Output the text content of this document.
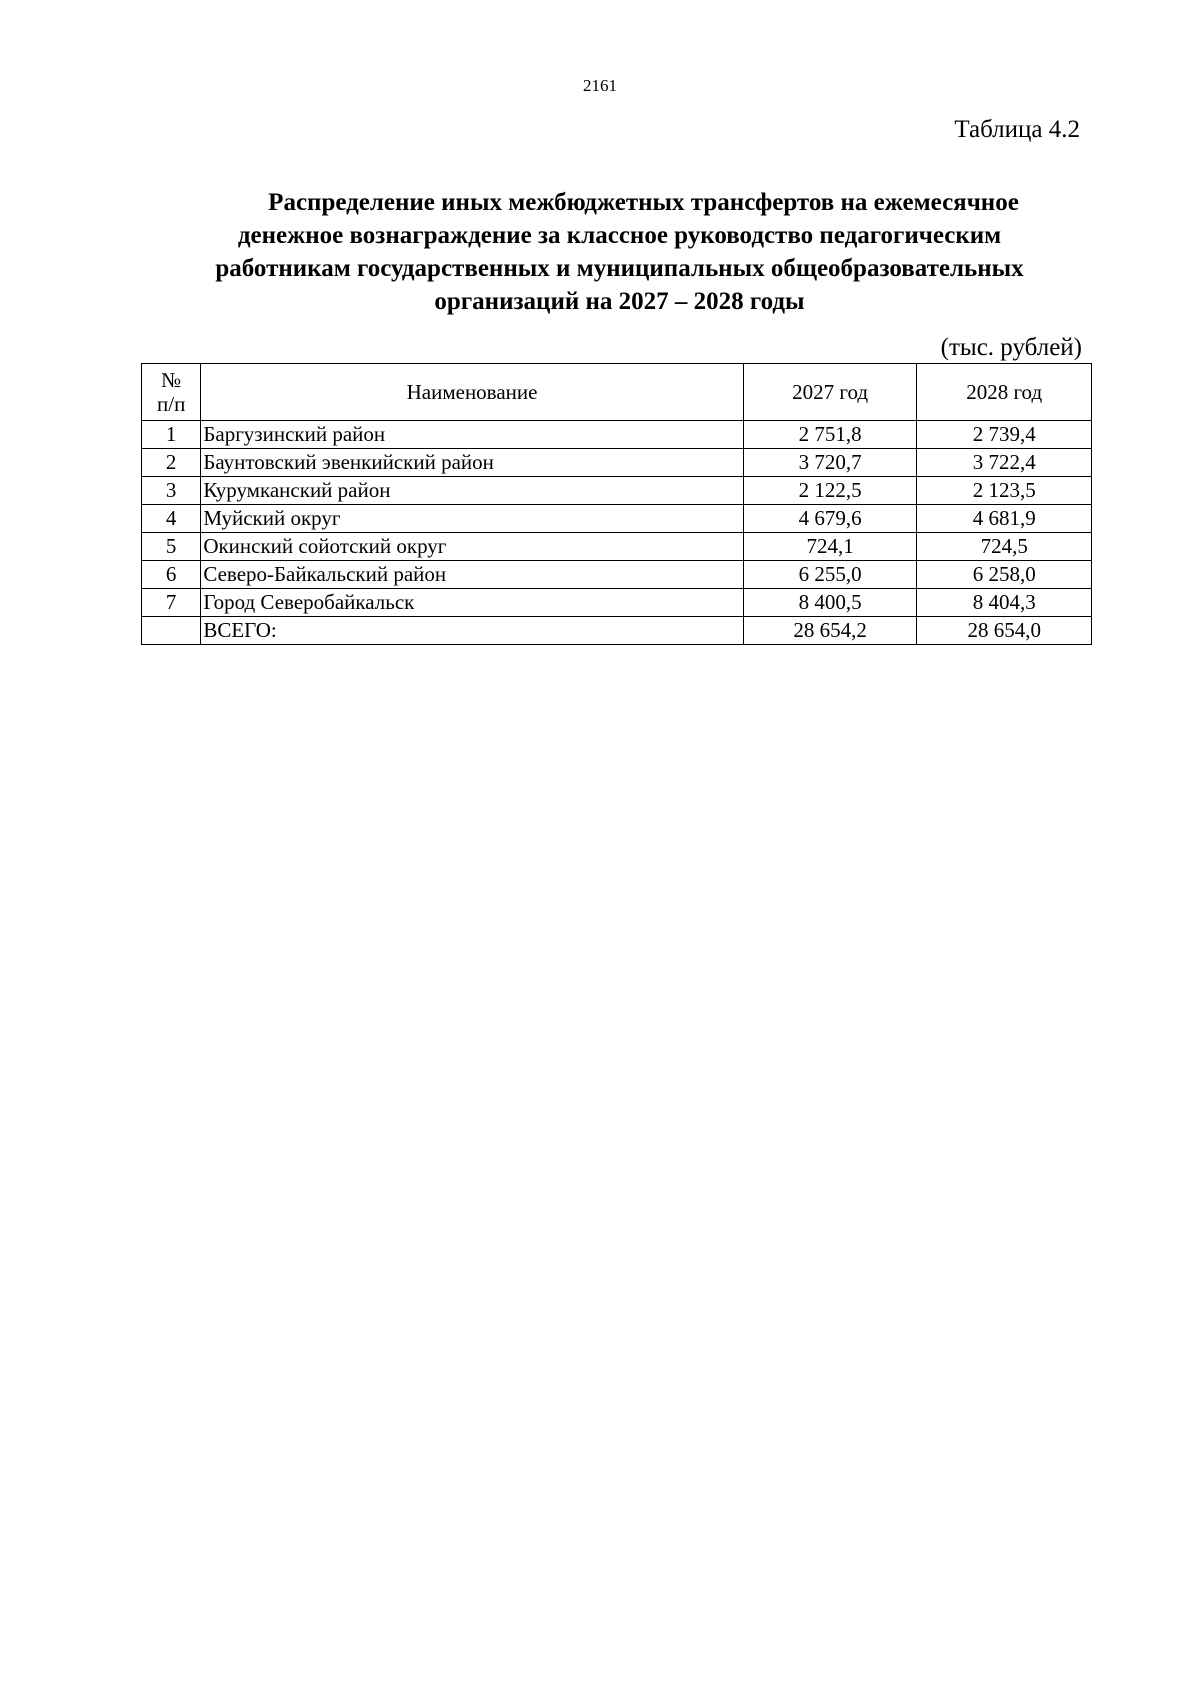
2161
Таблица 4.2
Распределение иных межбюджетных трансфертов на ежемесячное
денежное вознаграждение за классное руководство педагогическим
работникам государственных и муниципальных общеобразовательных
организаций на 2027 – 2028 годы
(тыс. рублей)
№
п/п	Наименование	2027 год	2028 год
1	Баргузинский район	2 751,8	2 739,4
2	Баунтовский эвенкийский район	3 720,7	3 722,4
3	Курумканский район	2 122,5	2 123,5
4	Муйский округ	4 679,6	4 681,9
5	Окинский сойотский округ	724,1	724,5
6	Северо-Байкальский район	6 255,0	6 258,0
7	Город Северобайкальск	8 400,5	8 404,3
	ВСЕГО:	28 654,2	28 654,0
